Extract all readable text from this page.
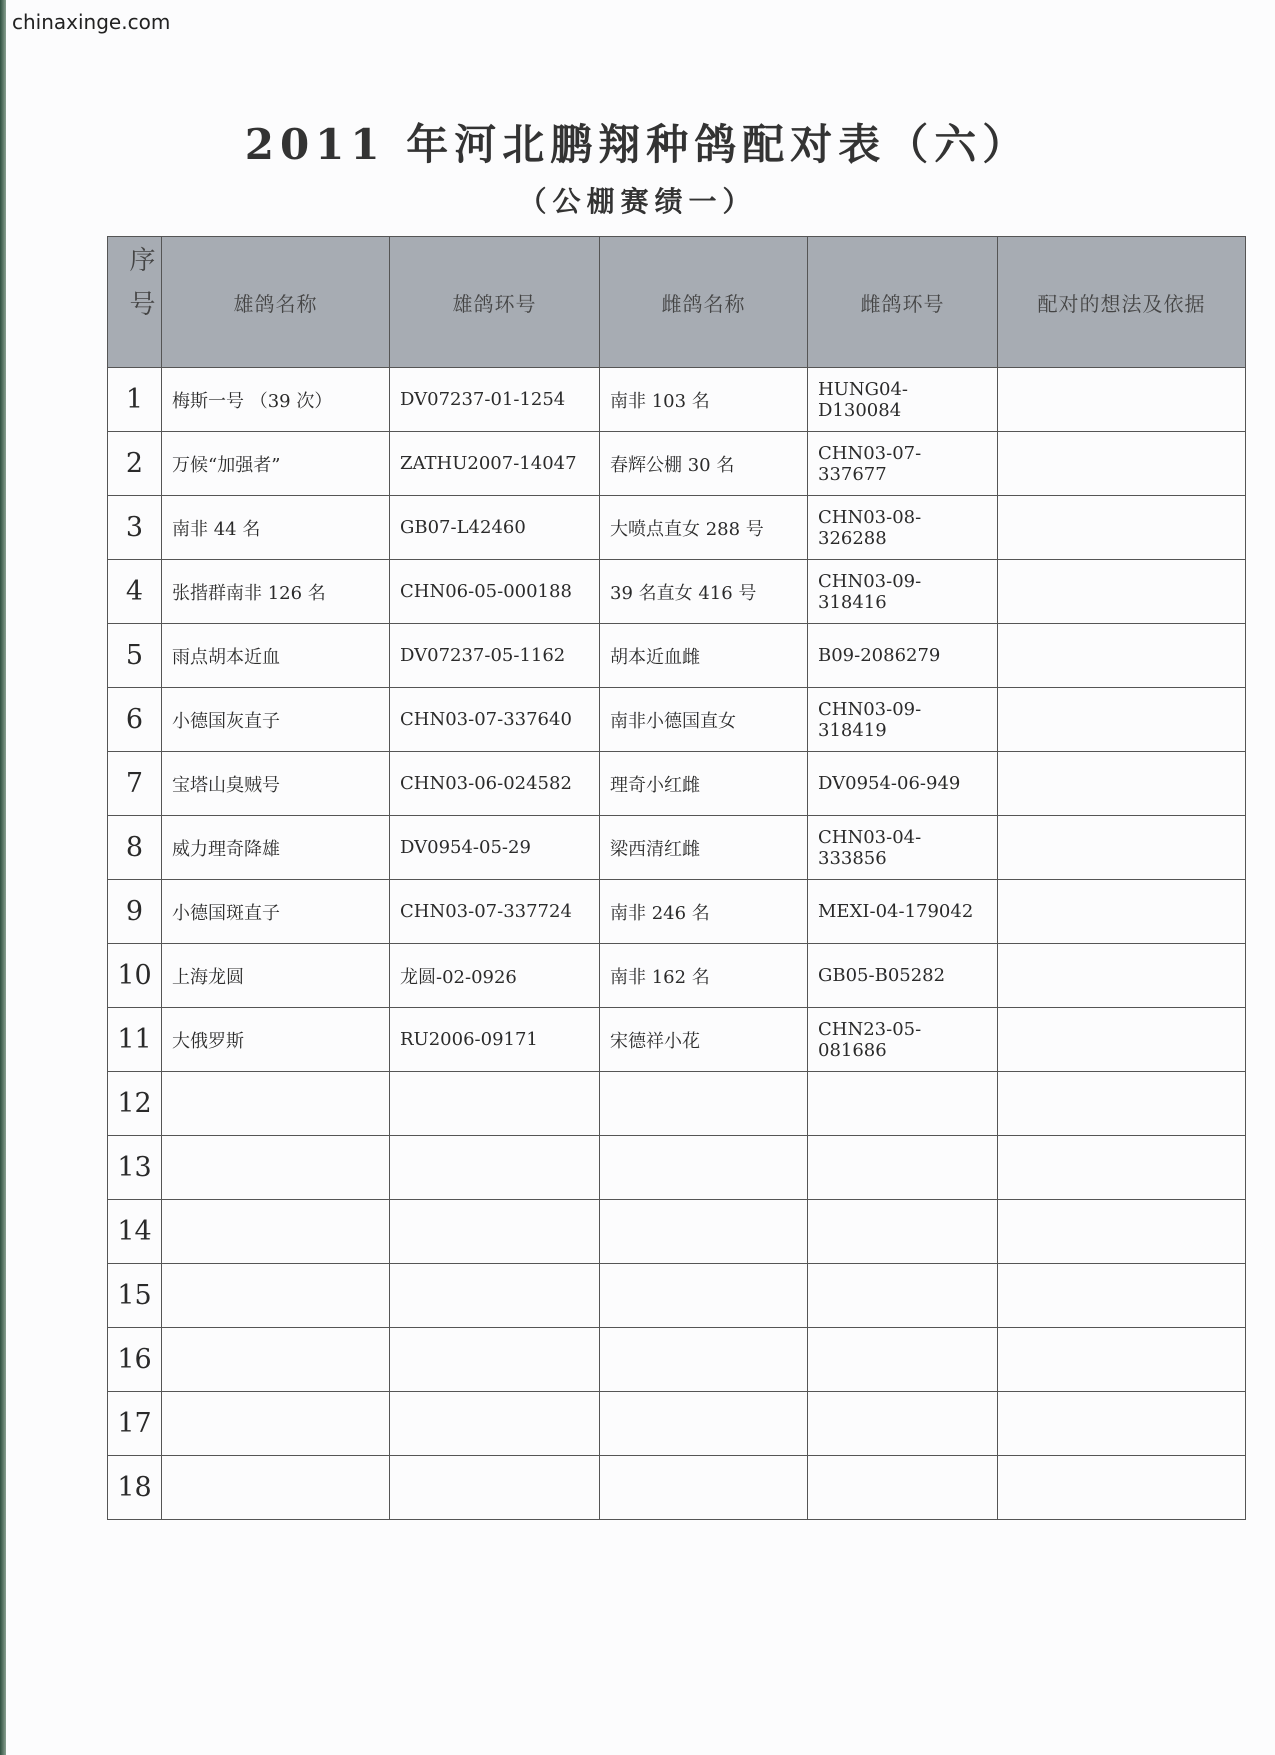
chinaxinge.com
2011 年河北鹏翔种鸽配对表（六）
（公棚赛绩一）
序号	雄鸽名称	雄鸽环号	雌鸽名称	雌鸽环号	配对的想法及依据
1	梅斯一号 （39 次）	DV07237-01-1254	南非 103 名	HUNG04-D130084	
2	万候“加强者”	ZATHU2007-14047	春辉公棚 30 名	CHN03-07-337677	
3	南非 44 名	GB07-L42460	大喷点直女 288 号	CHN03-08-326288	
4	张揩群南非 126 名	CHN06-05-000188	39 名直女 416 号	CHN03-09-318416	
5	雨点胡本近血	DV07237-05-1162	胡本近血雌	B09-2086279	
6	小德国灰直子	CHN03-07-337640	南非小德国直女	CHN03-09-318419	
7	宝塔山臭贼号	CHN03-06-024582	理奇小红雌	DV0954-06-949	
8	威力理奇降雄	DV0954-05-29	梁西清红雌	CHN03-04-333856	
9	小德国斑直子	CHN03-07-337724	南非 246 名	MEXI-04-179042	
10	上海龙圆	龙圆-02-0926	南非 162 名	GB05-B05282	
11	大俄罗斯	RU2006-09171	宋德祥小花	CHN23-05-081686	
12					
13					
14					
15					
16					
17					
18					
